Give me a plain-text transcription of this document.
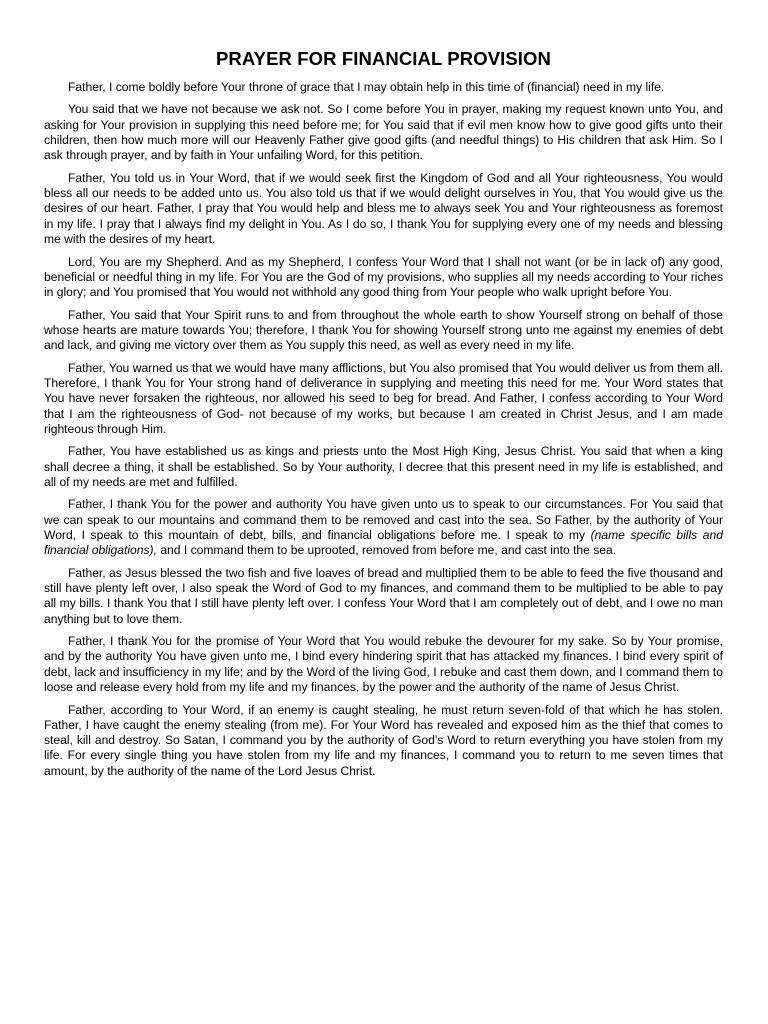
PRAYER FOR FINANCIAL PROVISION

Father, I come boldly before Your throne of grace that I may obtain help in this time of (financial) need in my life.

You said that we have not because we ask not. So I come before You in prayer, making my request known unto You, and asking for Your provision in supplying this need before me; for You said that if evil men know how to give good gifts unto their children, then how much more will our Heavenly Father give good gifts (and needful things) to His children that ask Him. So I ask through prayer, and by faith in Your unfailing Word, for this petition.

Father, You told us in Your Word, that if we would seek first the Kingdom of God and all Your righteousness, You would bless all our needs to be added unto us. You also told us that if we would delight ourselves in You, that You would give us the desires of our heart. Father, I pray that You would help and bless me to always seek You and Your righteousness as foremost in my life. I pray that I always find my delight in You. As I do so, I thank You for supplying every one of my needs and blessing me with the desires of my heart.

Lord, You are my Shepherd. And as my Shepherd, I confess Your Word that I shall not want (or be in lack of) any good, beneficial or needful thing in my life. For You are the God of my provisions, who supplies all my needs according to Your riches in glory; and You promised that You would not withhold any good thing from Your people who walk upright before You.

Father, You said that Your Spirit runs to and from throughout the whole earth to show Yourself strong on behalf of those whose hearts are mature towards You; therefore, I thank You for showing Yourself strong unto me against my enemies of debt and lack, and giving me victory over them as You supply this need, as well as every need in my life.

Father, You warned us that we would have many afflictions, but You also promised that You would deliver us from them all. Therefore, I thank You for Your strong hand of deliverance in supplying and meeting this need for me. Your Word states that You have never forsaken the righteous, nor allowed his seed to beg for bread. And Father, I confess according to Your Word that I am the righteousness of God- not because of my works, but because I am created in Christ Jesus, and I am made righteous through Him.

Father, You have established us as kings and priests unto the Most High King, Jesus Christ. You said that when a king shall decree a thing, it shall be established. So by Your authority, I decree that this present need in my life is established, and all of my needs are met and fulfilled.

Father, I thank You for the power and authority You have given unto us to speak to our circumstances. For You said that we can speak to our mountains and command them to be removed and cast into the sea. So Father, by the authority of Your Word, I speak to this mountain of debt, bills, and financial obligations before me. I speak to my (name specific bills and financial obligations), and I command them to be uprooted, removed from before me, and cast into the sea.

Father, as Jesus blessed the two fish and five loaves of bread and multiplied them to be able to feed the five thousand and still have plenty left over, I also speak the Word of God to my finances, and command them to be multiplied to be able to pay all my bills. I thank You that I still have plenty left over. I confess Your Word that I am completely out of debt, and I owe no man anything but to love them.

Father, I thank You for the promise of Your Word that You would rebuke the devourer for my sake. So by Your promise, and by the authority You have given unto me, I bind every hindering spirit that has attacked my finances. I bind every spirit of debt, lack and insufficiency in my life; and by the Word of the living God, I rebuke and cast them down, and I command them to loose and release every hold from my life and my finances, by the power and the authority of the name of Jesus Christ.

Father, according to Your Word, if an enemy is caught stealing, he must return seven-fold of that which he has stolen. Father, I have caught the enemy stealing (from me). For Your Word has revealed and exposed him as the thief that comes to steal, kill and destroy. So Satan, I command you by the authority of God’s Word to return everything you have stolen from my life. For every single thing you have stolen from my life and my finances, I command you to return to me seven times that amount, by the authority of the name of the Lord Jesus Christ.
